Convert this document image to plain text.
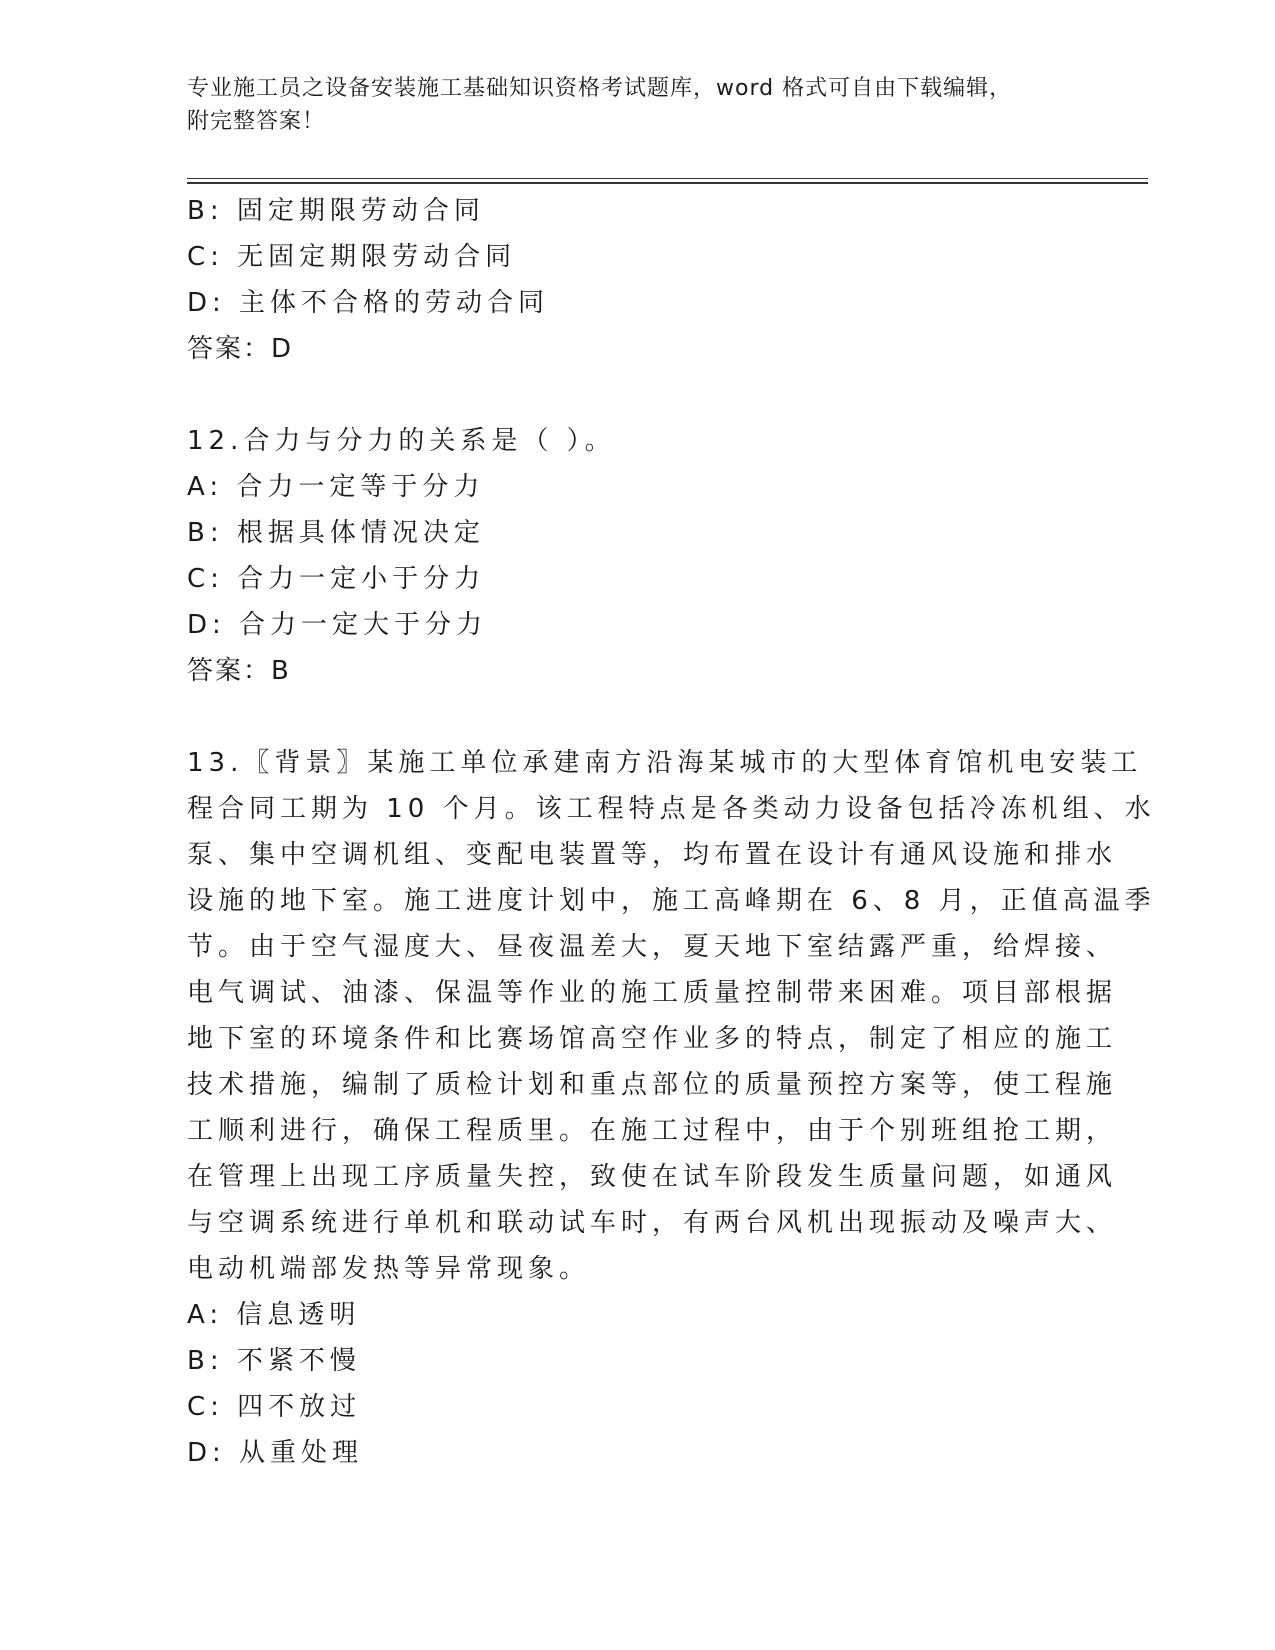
专业施工员之设备安装施工基础知识资格考试题库，word 格式可自由下载编辑，
附完整答案！
B: 固定期限劳动合同
C: 无固定期限劳动合同
D: 主体不合格的劳动合同
答案：D
12.合力与分力的关系是（ ）。
A: 合力一定等于分力
B: 根据具体情况决定
C: 合力一定小于分力
D: 合力一定大于分力
答案：B
13.〖背景〗某施工单位承建南方沿海某城市的大型体育馆机电安装工
程合同工期为 10 个月。该工程特点是各类动力设备包括冷冻机组、水
泵、集中空调机组、变配电装置等，均布置在设计有通风设施和排水
设施的地下室。施工进度计划中，施工高峰期在 6、8 月，正值高温季
节。由于空气湿度大、昼夜温差大，夏天地下室结露严重，给焊接、
电气调试、油漆、保温等作业的施工质量控制带来困难。项目部根据
地下室的环境条件和比赛场馆高空作业多的特点，制定了相应的施工
技术措施，编制了质检计划和重点部位的质量预控方案等，使工程施
工顺利进行，确保工程质里。在施工过程中，由于个别班组抢工期，
在管理上出现工序质量失控，致使在试车阶段发生质量问题，如通风
与空调系统进行单机和联动试车时，有两台风机出现振动及噪声大、
电动机端部发热等异常现象。
A: 信息透明
B: 不紧不慢
C: 四不放过
D: 从重处理
